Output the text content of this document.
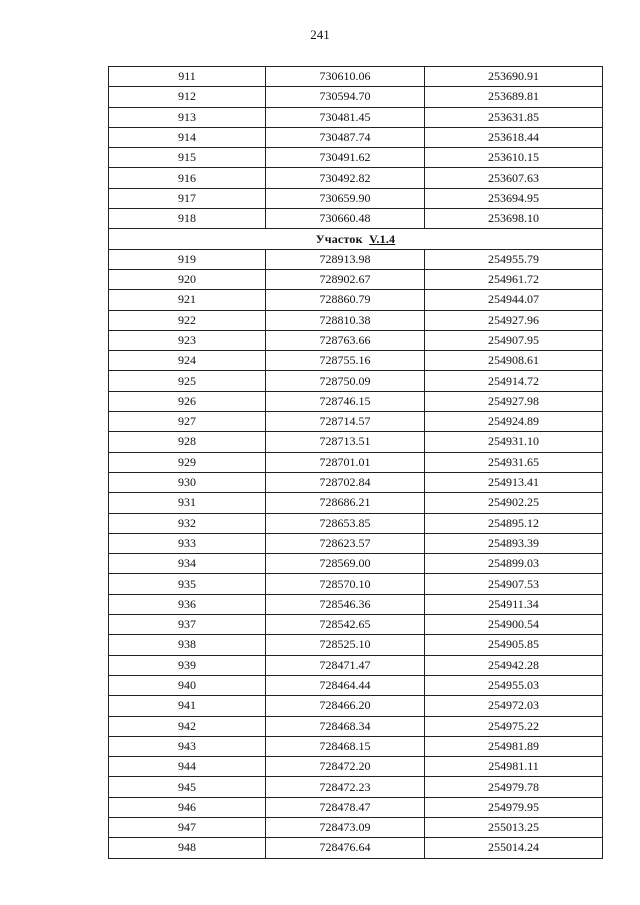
241
911	730610.06	253690.91
912	730594.70	253689.81
913	730481.45	253631.85
914	730487.74	253618.44
915	730491.62	253610.15
916	730492.82	253607.63
917	730659.90	253694.95
918	730660.48	253698.10
Участок V.1.4		
919	728913.98	254955.79
920	728902.67	254961.72
921	728860.79	254944.07
922	728810.38	254927.96
923	728763.66	254907.95
924	728755.16	254908.61
925	728750.09	254914.72
926	728746.15	254927.98
927	728714.57	254924.89
928	728713.51	254931.10
929	728701.01	254931.65
930	728702.84	254913.41
931	728686.21	254902.25
932	728653.85	254895.12
933	728623.57	254893.39
934	728569.00	254899.03
935	728570.10	254907.53
936	728546.36	254911.34
937	728542.65	254900.54
938	728525.10	254905.85
939	728471.47	254942.28
940	728464.44	254955.03
941	728466.20	254972.03
942	728468.34	254975.22
943	728468.15	254981.89
944	728472.20	254981.11
945	728472.23	254979.78
946	728478.47	254979.95
947	728473.09	255013.25
948	728476.64	255014.24
